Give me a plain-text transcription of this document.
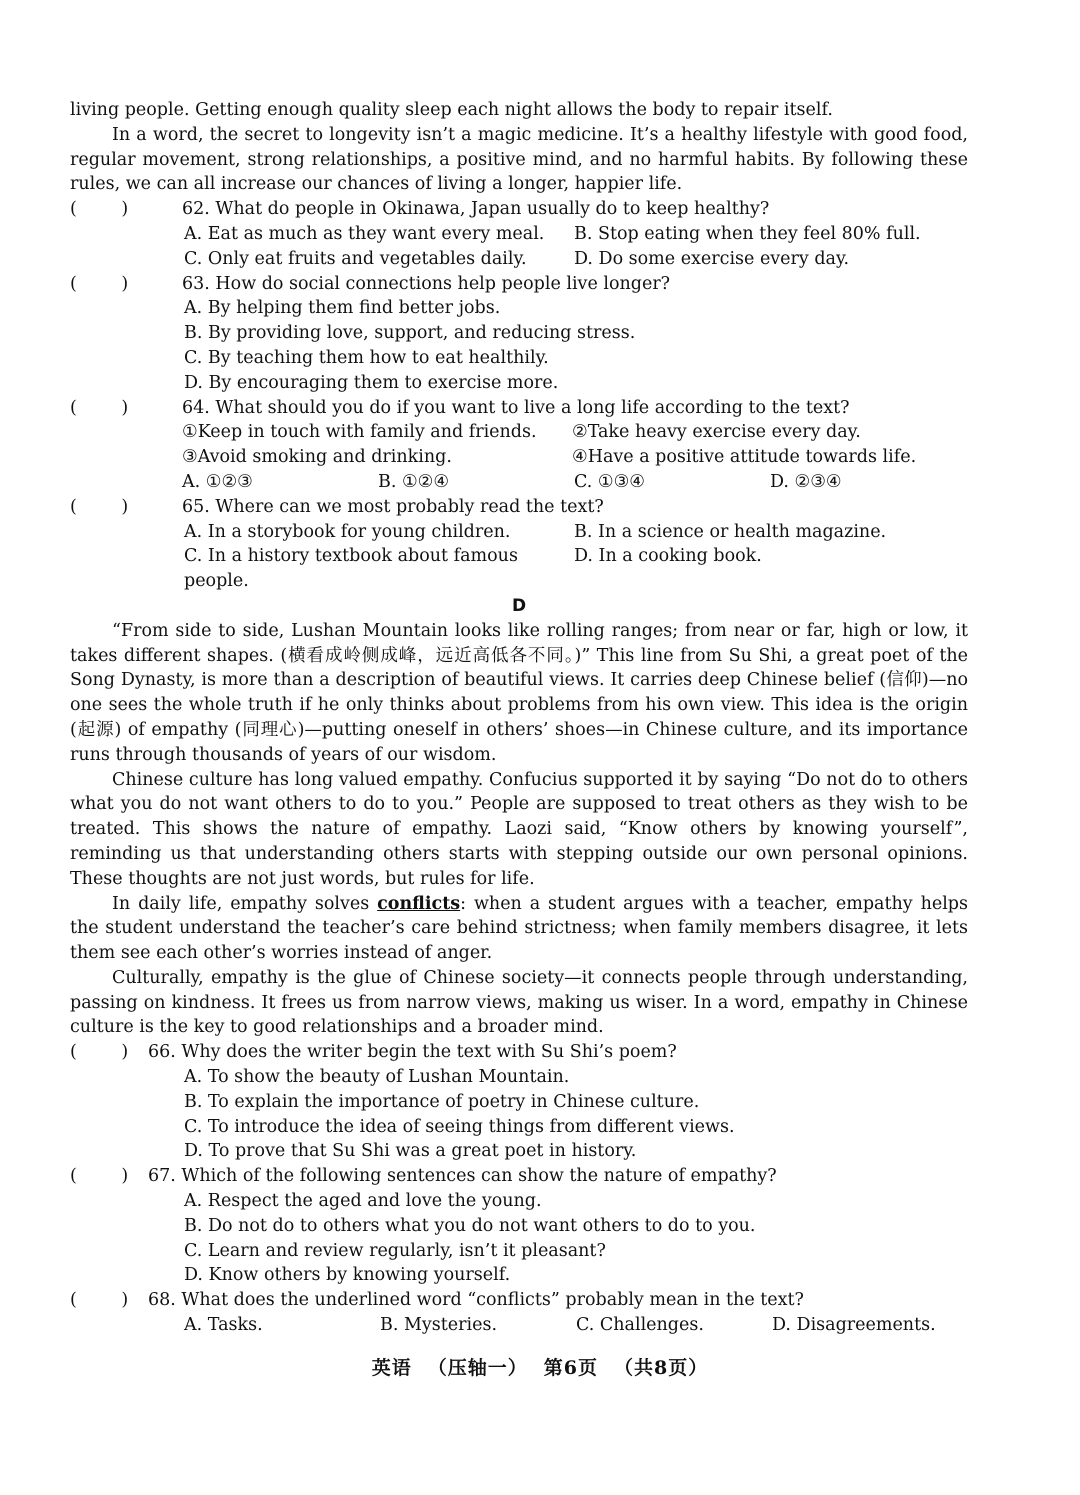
living people. Getting enough quality sleep each night allows the body to repair itself.

In a word, the secret to longevity isn’t a magic medicine. It’s a healthy lifestyle with good food, regular movement, strong relationships, a positive mind, and no harmful habits. By following these rules, we can all increase our chances of living a longer, happier life.

(        )	62. What do people in Okinawa, Japan usually do to keep healthy?
A. Eat as much as they want every meal.	B. Stop eating when they feel 80% full.
C. Only eat fruits and vegetables daily.	D. Do some exercise every day.
(        )	63. How do social connections help people live longer?
A. By helping them find better jobs.
B. By providing love, support, and reducing stress.
C. By teaching them how to eat healthily.
D. By encouraging them to exercise more.
(        )	64. What should you do if you want to live a long life according to the text?
①Keep in touch with family and friends.	②Take heavy exercise every day.
③Avoid smoking and drinking.	④Have a positive attitude towards life.
A. ①②③	B. ①②④	C. ①③④	D. ②③④
(        )	65. Where can we most probably read the text?
A. In a storybook for young children.	B. In a science or health magazine.
C. In a history textbook about famous people.
D. In a cooking book.
D

“From side to side, Lushan Mountain looks like rolling ranges; from near or far, high or low, it takes different shapes. (横看成岭侧成峰，远近高低各不同。)” This line from Su Shi, a great poet of the Song Dynasty, is more than a description of beautiful views. It carries deep Chinese belief (信仰)—no one sees the whole truth if he only thinks about problems from his own view. This idea is the origin (起源) of empathy (同理心)—putting oneself in others’ shoes—in Chinese culture, and its importance runs through thousands of years of our wisdom.

Chinese culture has long valued empathy. Confucius supported it by saying “Do not do to others what you do not want others to do to you.” People are supposed to treat others as they wish to be treated. This shows the nature of empathy. Laozi said, “Know others by knowing yourself”, reminding us that understanding others starts with stepping outside our own personal opinions. These thoughts are not just words, but rules for life.

In daily life, empathy solves conflicts: when a student argues with a teacher, empathy helps the student understand the teacher’s care behind strictness; when family members disagree, it lets them see each other’s worries instead of anger.

Culturally, empathy is the glue of Chinese society—it connects people through understanding, passing on kindness. It frees us from narrow views, making us wiser. In a word, empathy in Chinese culture is the key to good relationships and a broader mind.

(        )	66. Why does the writer begin the text with Su Shi’s poem?
A. To show the beauty of Lushan Mountain.
B. To explain the importance of poetry in Chinese culture.
C. To introduce the idea of seeing things from different views.
D. To prove that Su Shi was a great poet in history.
(        )	67. Which of the following sentences can show the nature of empathy?
A. Respect the aged and love the young.
B. Do not do to others what you do not want others to do to you.
C. Learn and review regularly, isn’t it pleasant?
D. Know others by knowing yourself.
(        )	68. What does the underlined word “conflicts” probably mean in the text?
A. Tasks.	B. Mysteries.	C. Challenges.	D. Disagreements.
英语 （压轴一） 第6页 （共8页）
